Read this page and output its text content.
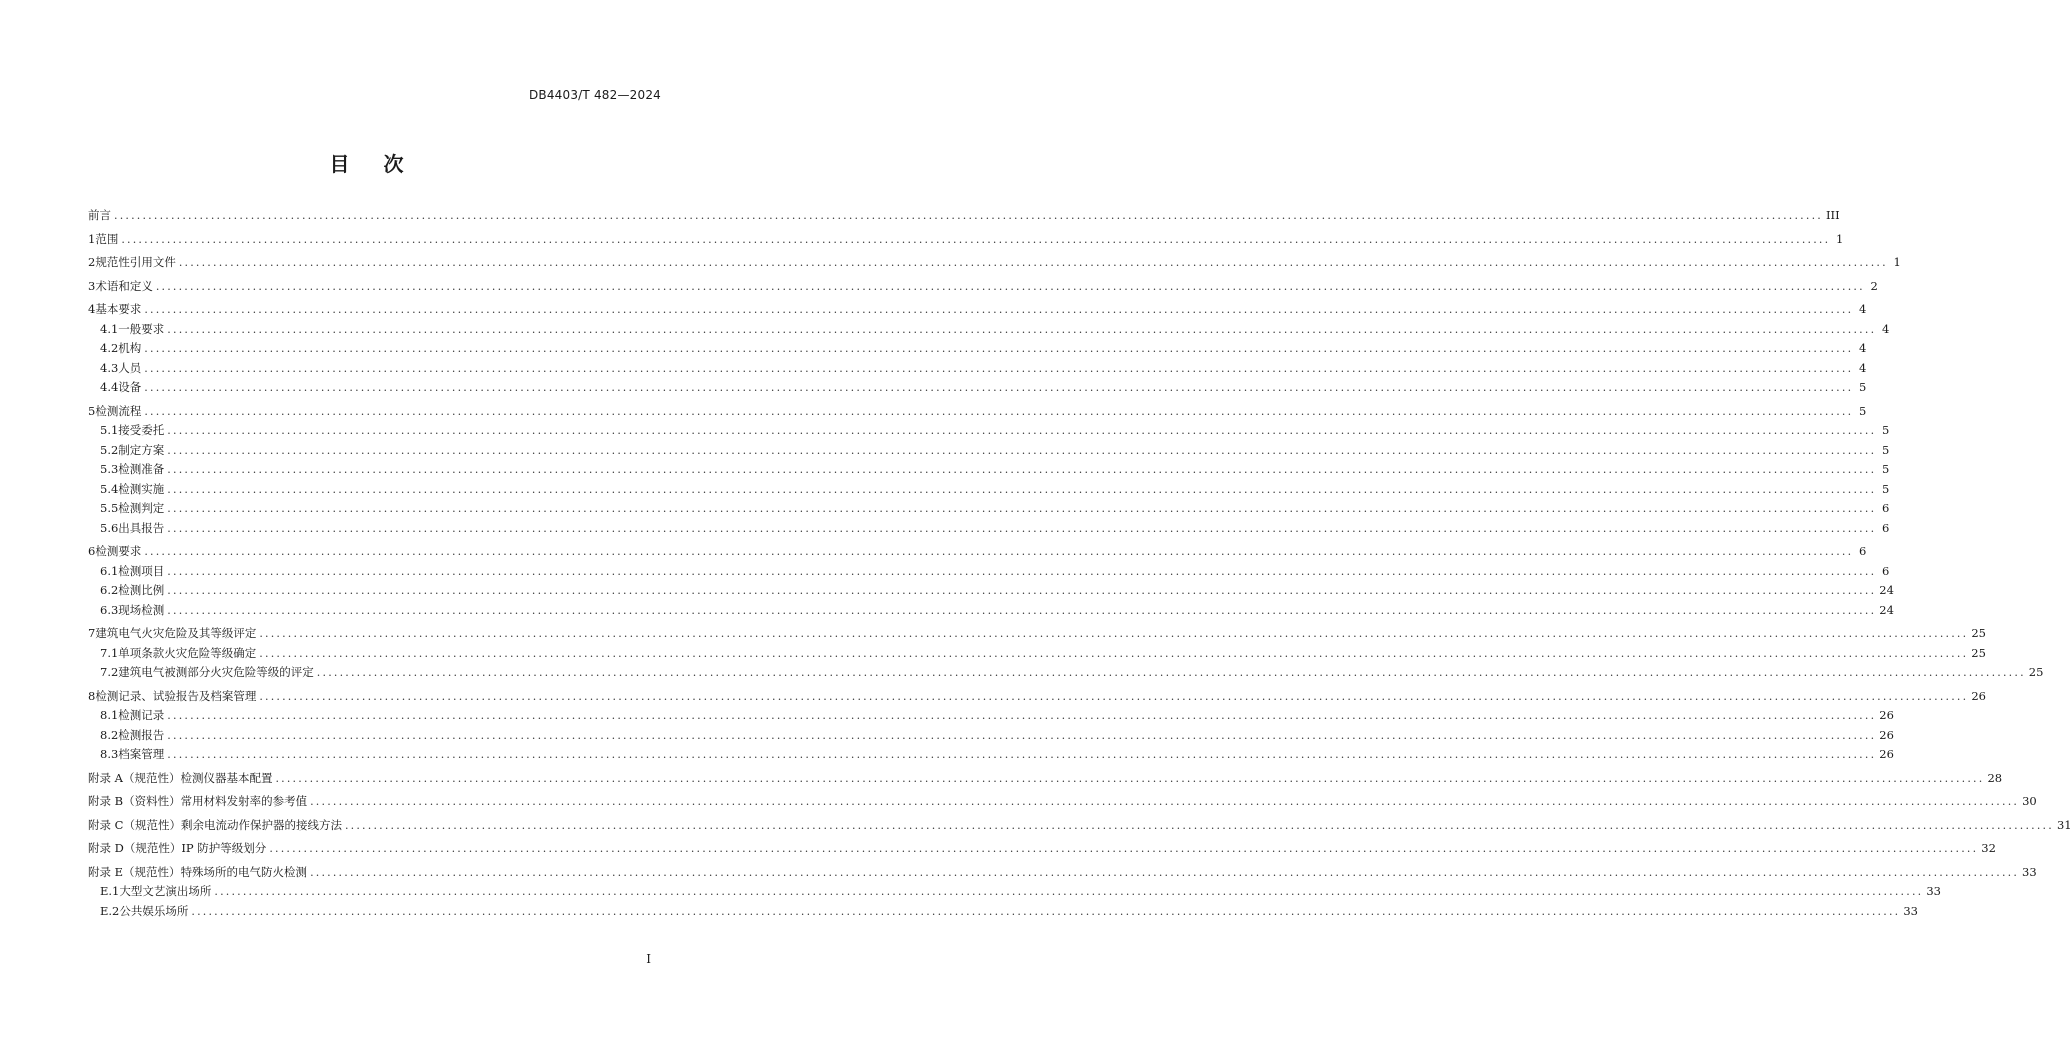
DB4403/T 482—2024
目 次
前言 ............................................................................................................................................................................................................................................................................................................ III
1 范围 ............................................................................................................................................................................................................................................................................................................ 1
2 规范性引用文件 ............................................................................................................................................................................................................................................................................................................ 1
3 术语和定义 ............................................................................................................................................................................................................................................................................................................ 2
4 基本要求 ............................................................................................................................................................................................................................................................................................................ 4
4.1 一般要求 ............................................................................................................................................................................................................................................................................................................ 4
4.2 机构 ............................................................................................................................................................................................................................................................................................................ 4
4.3 人员 ............................................................................................................................................................................................................................................................................................................ 4
4.4 设备 ............................................................................................................................................................................................................................................................................................................ 5
5 检测流程 ............................................................................................................................................................................................................................................................................................................ 5
5.1 接受委托 ............................................................................................................................................................................................................................................................................................................ 5
5.2 制定方案 ............................................................................................................................................................................................................................................................................................................ 5
5.3 检测准备 ............................................................................................................................................................................................................................................................................................................ 5
5.4 检测实施 ............................................................................................................................................................................................................................................................................................................ 5
5.5 检测判定 ............................................................................................................................................................................................................................................................................................................ 6
5.6 出具报告 ............................................................................................................................................................................................................................................................................................................ 6
6 检测要求 ............................................................................................................................................................................................................................................................................................................ 6
6.1 检测项目 ............................................................................................................................................................................................................................................................................................................ 6
6.2 检测比例 ............................................................................................................................................................................................................................................................................................................ 24
6.3 现场检测 ............................................................................................................................................................................................................................................................................................................ 24
7 建筑电气火灾危险及其等级评定 ............................................................................................................................................................................................................................................................................................................ 25
7.1 单项条款火灾危险等级确定 ............................................................................................................................................................................................................................................................................................................ 25
7.2 建筑电气被测部分火灾危险等级的评定 ............................................................................................................................................................................................................................................................................................................ 25
8 检测记录、试验报告及档案管理 ............................................................................................................................................................................................................................................................................................................ 26
8.1 检测记录 ............................................................................................................................................................................................................................................................................................................ 26
8.2 检测报告 ............................................................................................................................................................................................................................................................................................................ 26
8.3 档案管理 ............................................................................................................................................................................................................................................................................................................ 26
附录 A（规范性） 检测仪器基本配置 ............................................................................................................................................................................................................................................................................................................ 28
附录 B（资料性） 常用材料发射率的参考值 ............................................................................................................................................................................................................................................................................................................ 30
附录 C（规范性） 剩余电流动作保护器的接线方法 ............................................................................................................................................................................................................................................................................................................ 31
附录 D（规范性） IP 防护等级划分 ............................................................................................................................................................................................................................................................................................................ 32
附录 E（规范性） 特殊场所的电气防火检测 ............................................................................................................................................................................................................................................................................................................ 33
E.1 大型文艺演出场所 ............................................................................................................................................................................................................................................................................................................ 33
E.2 公共娱乐场所 ............................................................................................................................................................................................................................................................................................................ 33
I
